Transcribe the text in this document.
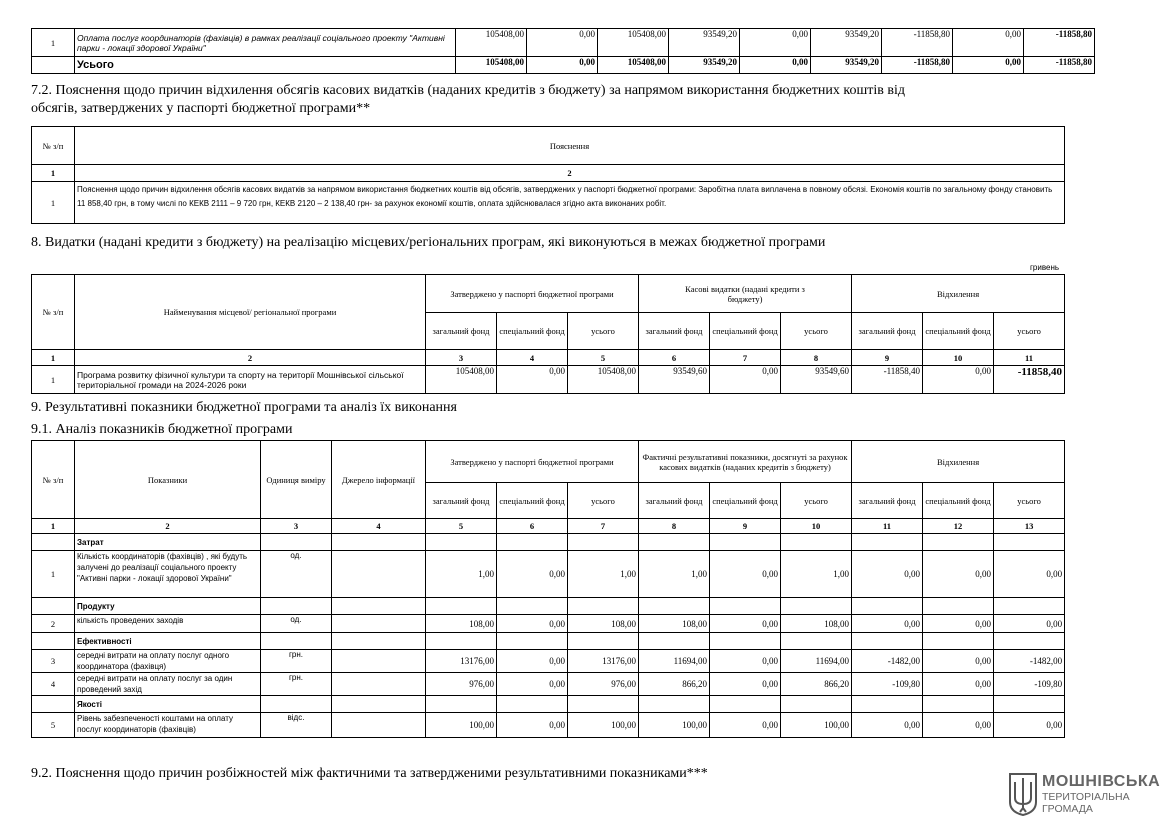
1	Оплата послуг координаторів (фахівців) в рамках реалізації соціального проекту "Активні парки - локації здорової України"	105408,00	0,00	105408,00	93549,20	0,00	93549,20	-11858,80	0,00	-11858,80
	Усього	105408,00	0,00	105408,00	93549,20	0,00	93549,20	-11858,80	0,00	-11858,80
7.2. Пояснення щодо причин відхилення обсягів касових видатків (наданих кредитів з бюджету) за напрямом використання бюджетних коштів від
обсягів, затверджених у паспорті бюджетної програми**
№ з/п	Пояснення
1	2
1	Пояснення щодо причин відхилення обсягів касових видатків за напрямом використання бюджетних коштів від обсягів, затверджених у паспорті бюджетної програми: Заробітна плата виплачена в повному обсязі. Економія коштів по загальному фонду становить 11 858,40 грн, в тому числі по КЕКВ 2111 – 9 720 грн, КЕКВ 2120 – 2 138,40 грн- за рахунок економії коштів, оплата здійснювалася згідно акта виконаних робіт.
8. Видатки (надані кредити з бюджету) на реалізацію місцевих/регіональних програм, які виконуються в межах бюджетної програми
гривень
№ з/п	Найменування місцевої/ регіональної програми	Затверджено у паспорті бюджетної програми			Касові видатки (надані кредити з бюджету)			Відхилення		
		загальний фонд	спеціальний фонд	усього	загальний фонд	спеціальний фонд	усього	загальний фонд	спеціальний фонд	усього
1	2	3	4	5	6	7	8	9	10	11
1	Програма розвитку фізичної культури та спорту на території Мошнівської сільської територіальної громади на 2024-2026 роки	105408,00	0,00	105408,00	93549,60	0,00	93549,60	-11858,40	0,00	-11858,40
9. Результативні показники бюджетної програми та аналіз їх виконання
9.1. Аналіз показників бюджетної програми
№ з/п	Показники	Одиниця виміру	Джерело інформації	Затверджено у паспорті бюджетної програми			Фактичні результативні показники, досягнуті за рахунок касових видатків (наданих кредитів з бюджету)			Відхилення		
				загальний фонд	спеціальний фонд	усього	загальний фонд	спеціальний фонд	усього	загальний фонд	спеціальний фонд	усього
1	2	3	4	5	6	7	8	9	10	11	12	13
	Затрат											
1	Кількість координаторів (фахівців) , які будуть залучені до реалізації соціального проекту "Активні парки - локації здорової України"	од.		1,00	0,00	1,00	1,00	0,00	1,00	0,00	0,00	0,00
	Продукту											
2	кількість проведених заходів	од.		108,00	0,00	108,00	108,00	0,00	108,00	0,00	0,00	0,00
	Ефективності											
3	середні витрати на оплату послуг одного координатора (фахівця)	грн.		13176,00	0,00	13176,00	11694,00	0,00	11694,00	-1482,00	0,00	-1482,00
4	середні витрати на оплату послуг за один проведений захід	грн.		976,00	0,00	976,00	866,20	0,00	866,20	-109,80	0,00	-109,80
	Якості											
5	Рівень забезпеченості коштами на оплату послуг координаторів (фахівців)	відс.		100,00	0,00	100,00	100,00	0,00	100,00	0,00	0,00	0,00
9.2. Пояснення щодо причин розбіжностей між фактичними та затвердженими результативними показниками***	МОШНІВСЬКА
ТЕРИТОРІАЛЬНА
ГРОМАДА
